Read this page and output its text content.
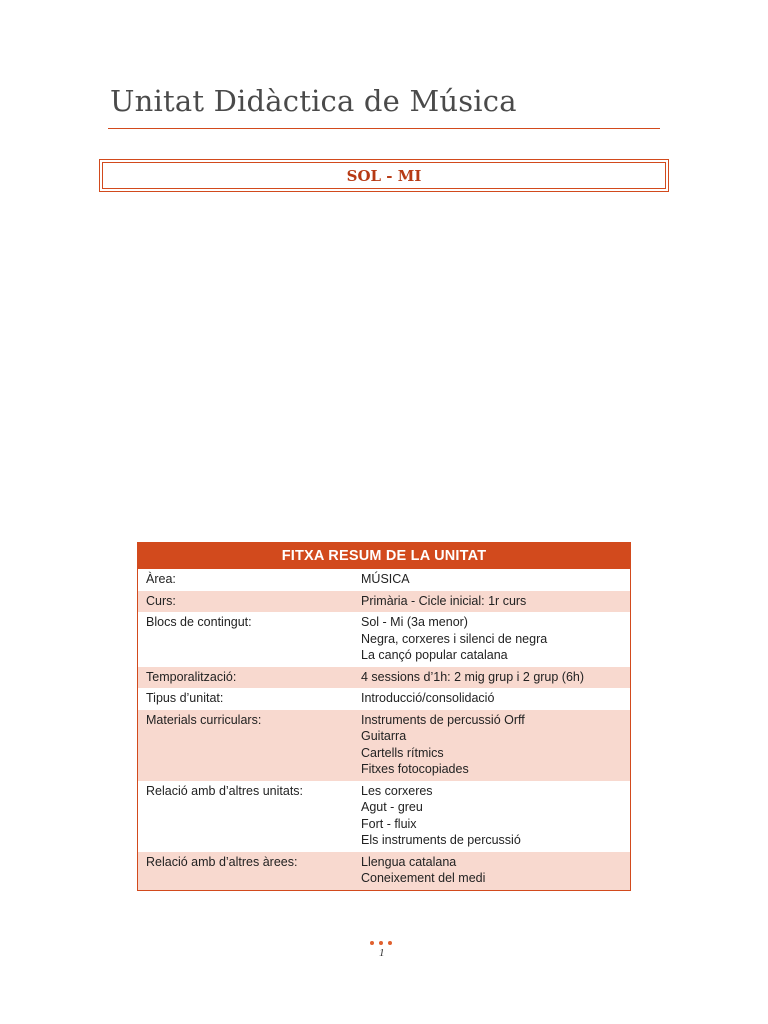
Unitat Didàctica de Música
SOL - MI
FITXA RESUM DE LA UNITAT
Àrea:	MÚSICA
Curs:	Primària - Cicle inicial: 1r curs
Blocs de contingut:	Sol - Mi (3a menor)
Negra, corxeres i silenci de negra
La cançó popular catalana
Temporalització:	4 sessions d’1h: 2 mig grup i 2 grup (6h)
Tipus d’unitat:	Introducció/consolidació
Materials curriculars:	Instruments de percussió Orff
Guitarra
Cartells rítmics
Fitxes fotocopiades
Relació amb d’altres unitats:	Les corxeres
Agut - greu
Fort - fluix
Els instruments de percussió
Relació amb d’altres àrees:	Llengua catalana
Coneixement del medi
1
